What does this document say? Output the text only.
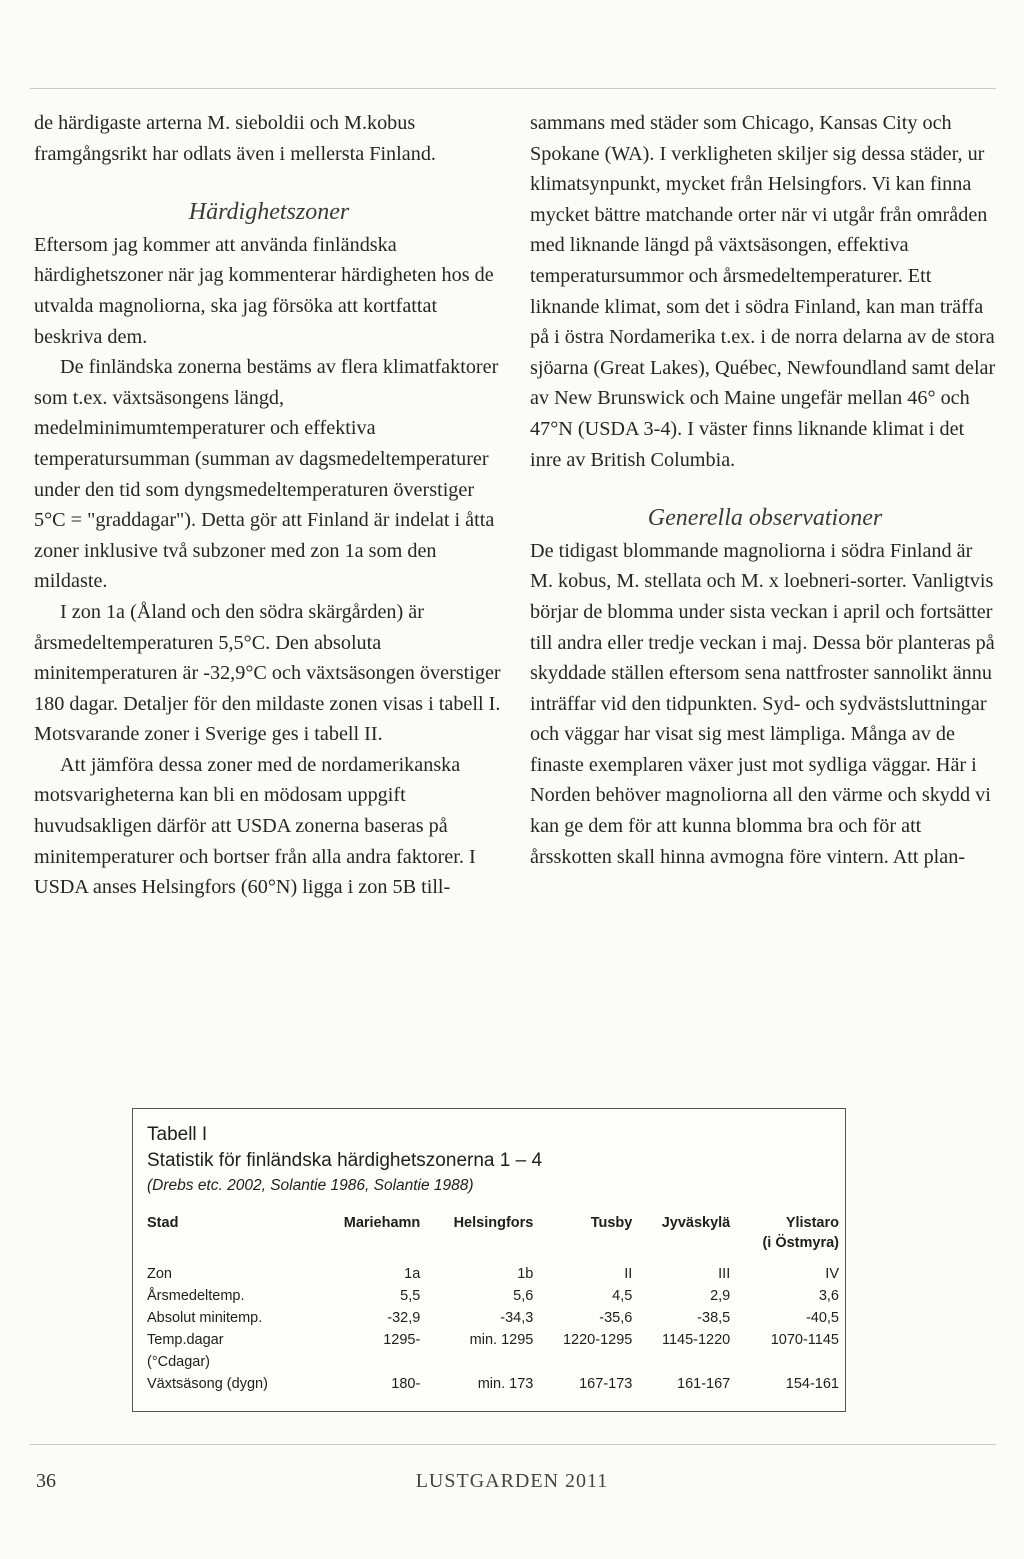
de härdigaste arterna M. sieboldii och M.kobus framgångsrikt har odlats även i mellersta Finland.

Härdighetszoner

Eftersom jag kommer att använda finländska härdighetszoner när jag kommenterar härdigheten hos de utvalda magnoliorna, ska jag försöka att kortfattat beskriva dem.

De finländska zonerna bestäms av flera klimatfaktorer som t.ex. växtsäsongens längd, medelminimumtemperaturer och effektiva temperatursumman (summan av dagsmedeltemperaturer under den tid som dyngsmedeltemperaturen överstiger 5°C = "graddagar"). Detta gör att Finland är indelat i åtta zoner inklusive två subzoner med zon 1a som den mildaste.

I zon 1a (Åland och den södra skärgården) är årsmedeltemperaturen 5,5°C. Den absoluta minitemperaturen är -32,9°C och växtsäsongen överstiger 180 dagar. Detaljer för den mildaste zonen visas i tabell I. Motsvarande zoner i Sverige ges i tabell II.

Att jämföra dessa zoner med de nordamerikanska motsvarigheterna kan bli en mödosam uppgift huvudsakligen därför att USDA zonerna baseras på minitemperaturer och bortser från alla andra faktorer. I USDA anses Helsingfors (60°N) ligga i zon 5B till-

sammans med städer som Chicago, Kansas City och Spokane (WA). I verkligheten skiljer sig dessa städer, ur klimatsynpunkt, mycket från Helsingfors. Vi kan finna mycket bättre matchande orter när vi utgår från områden med liknande längd på växtsäsongen, effektiva temperatursummor och årsmedeltemperaturer. Ett liknande klimat, som det i södra Finland, kan man träffa på i östra Nordamerika t.ex. i de norra delarna av de stora sjöarna (Great Lakes), Québec, Newfoundland samt delar av New Brunswick och Maine ungefär mellan 46° och 47°N (USDA 3-4). I väster finns liknande klimat i det inre av British Columbia.

Generella observationer

De tidigast blommande magnoliorna i södra Finland är M. kobus, M. stellata och M. x loebneri-sorter. Vanligtvis börjar de blomma under sista veckan i april och fortsätter till andra eller tredje veckan i maj. Dessa bör planteras på skyddade ställen eftersom sena nattfroster sannolikt ännu inträffar vid den tidpunkten. Syd- och sydvästsluttningar och väggar har visat sig mest lämpliga. Många av de finaste exemplaren växer just mot sydliga väggar. Här i Norden behöver magnoliorna all den värme och skydd vi kan ge dem för att kunna blomma bra och för att årsskotten skall hinna avmogna före vintern. Att plan-

Tabell I
Statistik för finländska härdighetszonerna 1 – 4
(Drebs etc. 2002, Solantie 1986, Solantie 1988)
Stad	Mariehamn	Helsingfors	Tusby	Jyväskylä	Ylistaro
(i Östmyra)
Zon	1a	1b	II	III	IV
Årsmedeltemp.	5,5	5,6	4,5	2,9	3,6
Absolut minitemp.	-32,9	-34,3	-35,6	-38,5	-40,5
Temp.dagar
(°Cdagar)	1295-	min. 1295	1220-1295	1145-1220	1070-1145
Växtsäsong (dygn)	180-	min. 173	167-173	161-167	154-161
36	LUSTGARDEN 2011
